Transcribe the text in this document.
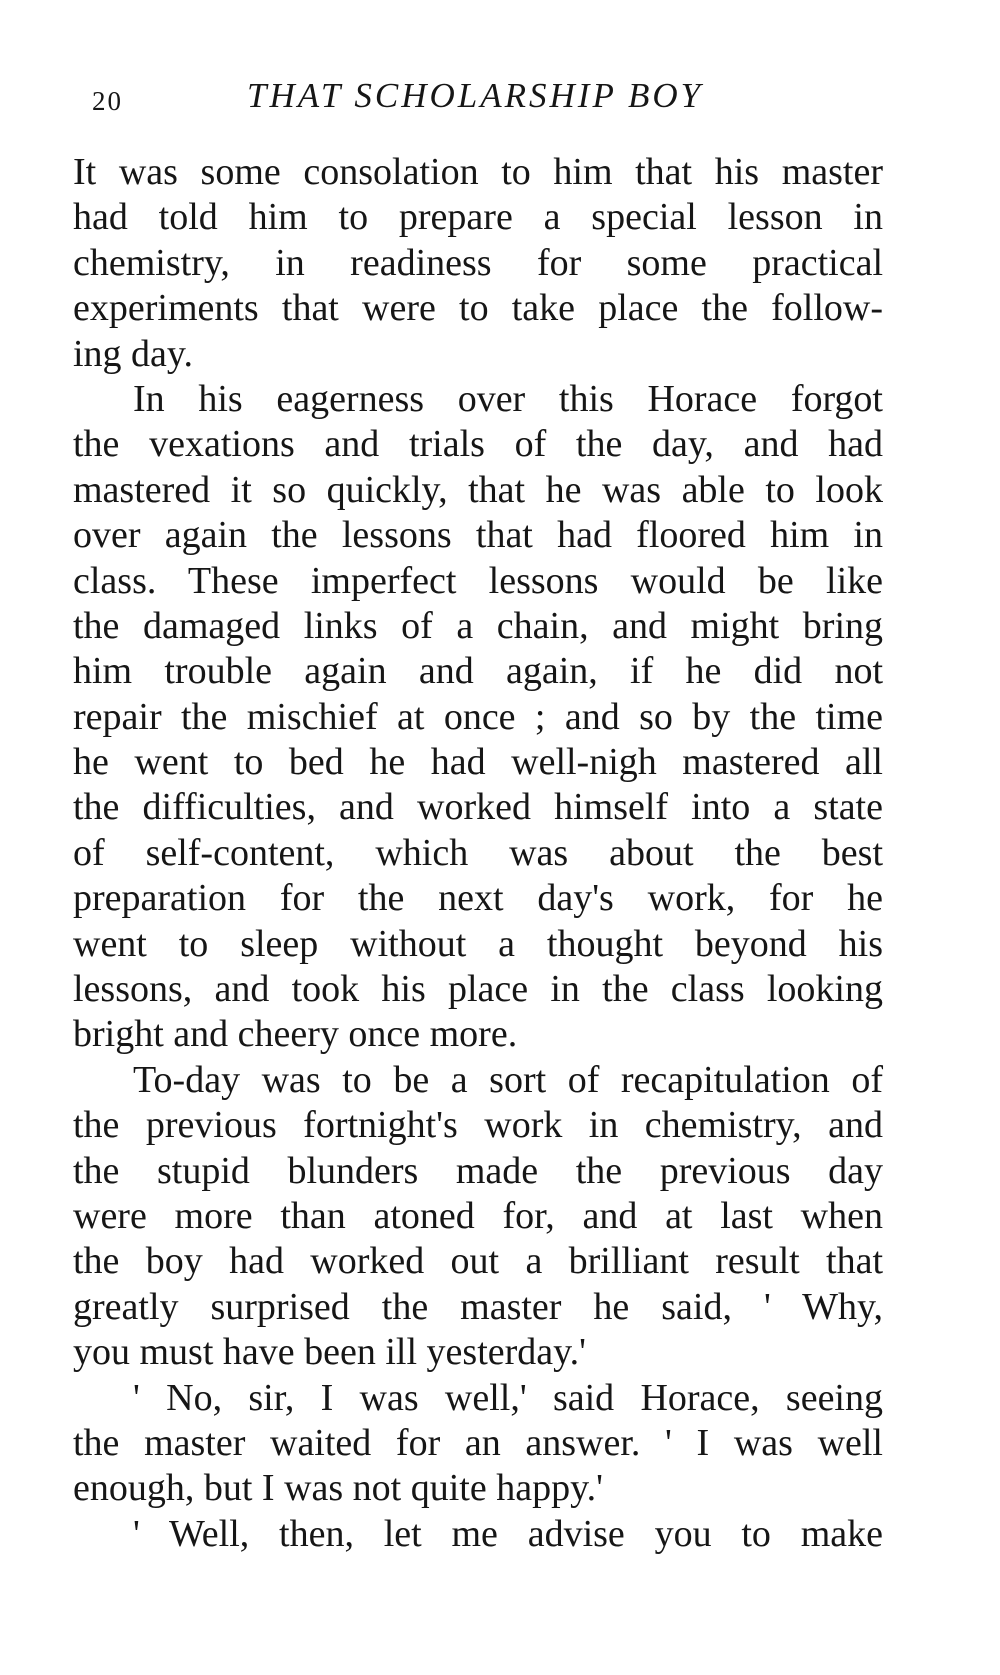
20	THAT SCHOLARSHIP BOY
It was some consolation to him that his master
had told him to prepare a special lesson in
chemistry, in readiness for some practical
experiments that were to take place the follow-
ing day.
In his eagerness over this Horace forgot
the vexations and trials of the day, and had
mastered it so quickly, that he was able to look
over again the lessons that had floored him in
class. These imperfect lessons would be like
the damaged links of a chain, and might bring
him trouble again and again, if he did not
repair the mischief at once ; and so by the time
he went to bed he had well-nigh mastered all
the difficulties, and worked himself into a state
of self-content, which was about the best
preparation for the next day's work, for he
went to sleep without a thought beyond his
lessons, and took his place in the class looking
bright and cheery once more.
To-day was to be a sort of recapitulation of
the previous fortnight's work in chemistry, and
the stupid blunders made the previous day
were more than atoned for, and at last when
the boy had worked out a brilliant result that
greatly surprised the master he said, ' Why,
you must have been ill yesterday.'
' No, sir, I was well,' said Horace, seeing
the master waited for an answer. ' I was well
enough, but I was not quite happy.'
' Well, then, let me advise you to make
